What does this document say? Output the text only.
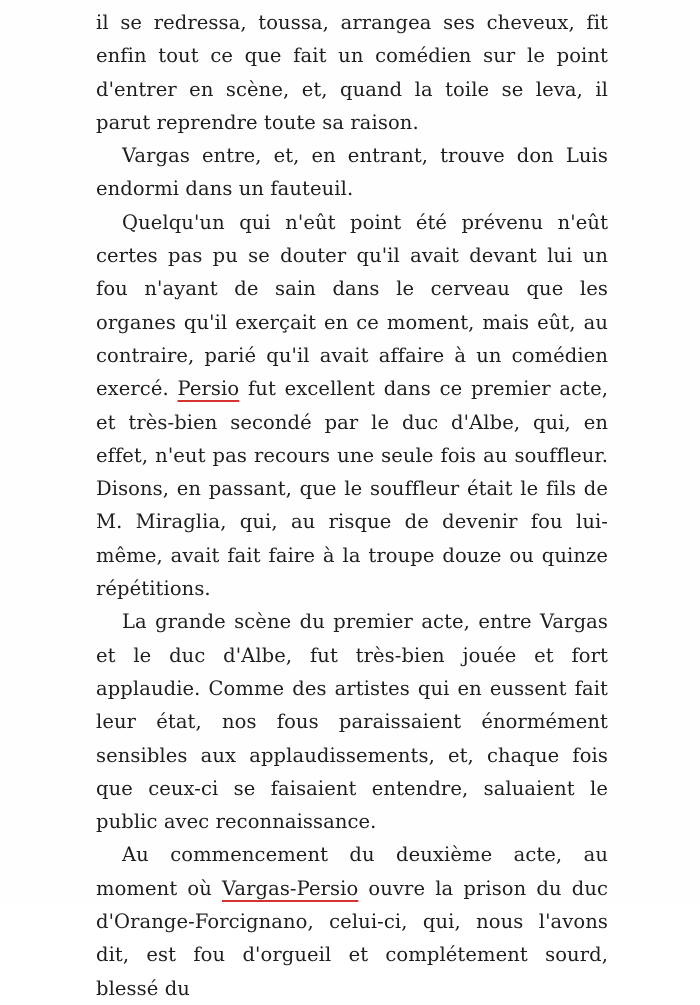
il se redressa, toussa, arrangea ses cheveux, fit enfin tout ce que fait un comédien sur le point d'entrer en scène, et, quand la toile se leva, il parut reprendre toute sa raison.

Vargas entre, et, en entrant, trouve don Luis endormi dans un fauteuil.

Quelqu'un qui n'eût point été prévenu n'eût certes pas pu se douter qu'il avait devant lui un fou n'ayant de sain dans le cerveau que les organes qu'il exerçait en ce moment, mais eût, au contraire, parié qu'il avait affaire à un comédien exercé. Persio fut excellent dans ce premier acte, et très-bien secondé par le duc d'Albe, qui, en effet, n'eut pas recours une seule fois au souffleur. Disons, en passant, que le souffleur était le fils de M. Miraglia, qui, au risque de devenir fou lui-même, avait fait faire à la troupe douze ou quinze répétitions.

La grande scène du premier acte, entre Vargas et le duc d'Albe, fut très-bien jouée et fort applaudie. Comme des artistes qui en eussent fait leur état, nos fous paraissaient énormément sensibles aux applaudissements, et, chaque fois que ceux-ci se faisaient entendre, saluaient le public avec reconnaissance.

Au commencement du deuxième acte, au moment où Vargas-Persio ouvre la prison du duc d'Orange-Forcignano, celui-ci, qui, nous l'avons dit, est fou d'orgueil et complétement sourd, blessé du
